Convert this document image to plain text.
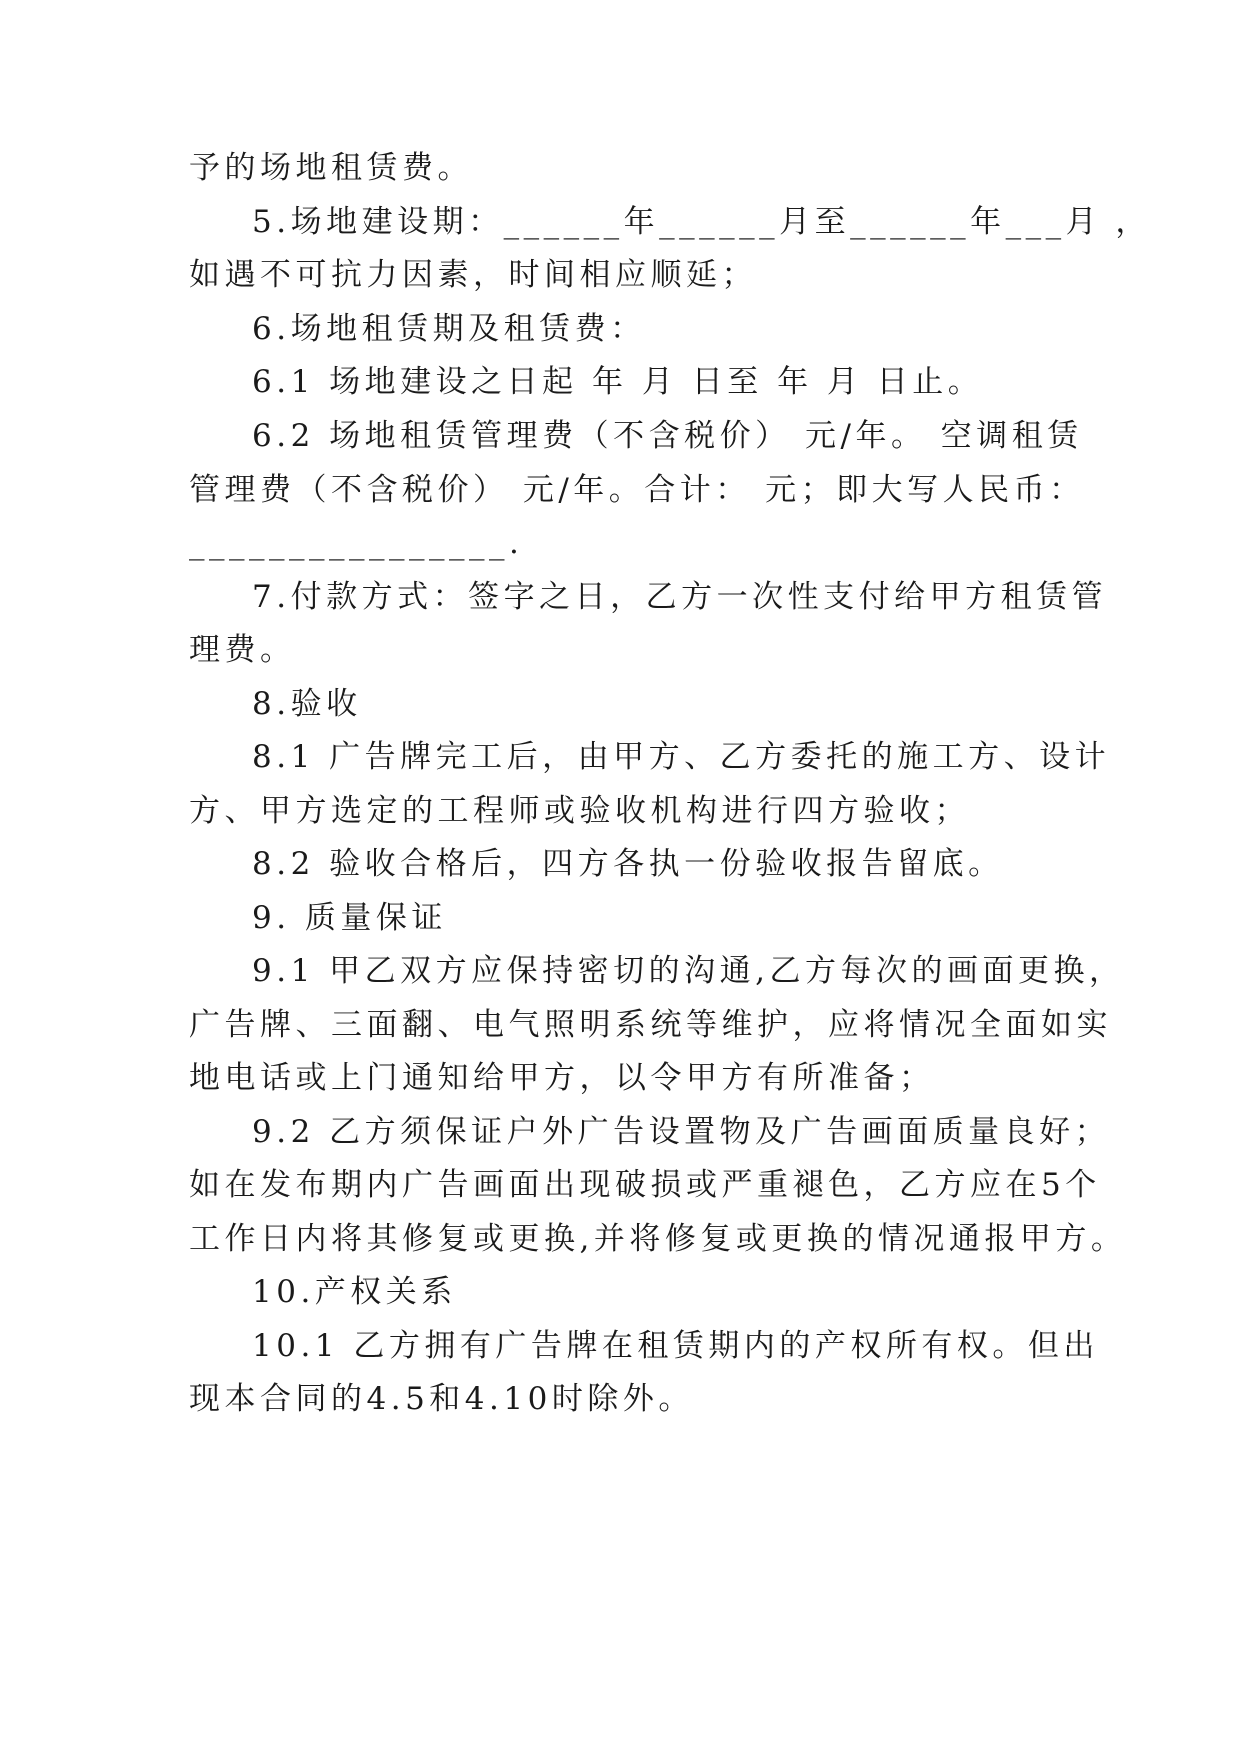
予的场地租赁费。
5.场地建设期：______年______月至______年___月 ，
如遇不可抗力因素，时间相应顺延；
6.场地租赁期及租赁费：
6.1 场地建设之日起 年 月 日至 年 月 日止。
6.2 场地租赁管理费（不含税价） 元/年。 空调租赁
管理费（不含税价） 元/年。合计： 元；即大写人民币：
________________.
7.付款方式：签字之日，乙方一次性支付给甲方租赁管
理费。
8.验收
8.1 广告牌完工后，由甲方、乙方委托的施工方、设计
方、甲方选定的工程师或验收机构进行四方验收；
8.2 验收合格后，四方各执一份验收报告留底。
9. 质量保证
9.1 甲乙双方应保持密切的沟通,乙方每次的画面更换，
广告牌、三面翻、电气照明系统等维护，应将情况全面如实
地电话或上门通知给甲方，以令甲方有所准备；
9.2 乙方须保证户外广告设置物及广告画面质量良好；
如在发布期内广告画面出现破损或严重褪色，乙方应在5个
工作日内将其修复或更换,并将修复或更换的情况通报甲方。
10.产权关系
10.1 乙方拥有广告牌在租赁期内的产权所有权。但出
现本合同的4.5和4.10时除外。
